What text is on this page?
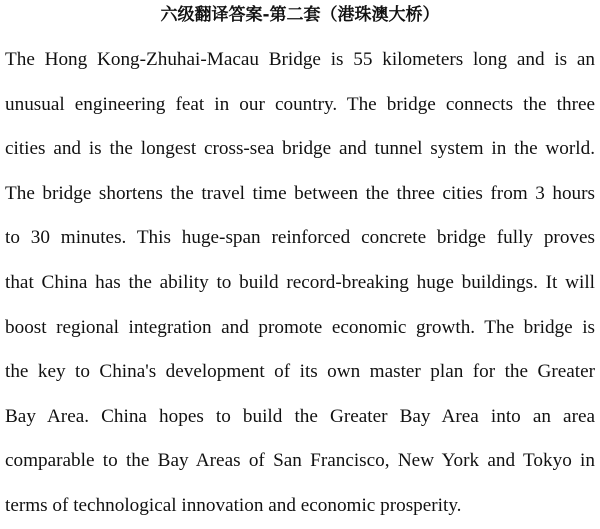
六级翻译答案-第二套（港珠澳大桥）
The Hong Kong-Zhuhai-Macau Bridge is 55 kilometers long and is an
unusual engineering feat in our country. The bridge connects the three
cities and is the longest cross-sea bridge and tunnel system in the world.
The bridge shortens the travel time between the three cities from 3 hours
to 30 minutes. This huge-span reinforced concrete bridge fully proves
that China has the ability to build record-breaking huge buildings. It will
boost regional integration and promote economic growth. The bridge is
the key to China's development of its own master plan for the Greater
Bay Area. China hopes to build the Greater Bay Area into an area
comparable to the Bay Areas of San Francisco, New York and Tokyo in
terms of technological innovation and economic prosperity.
